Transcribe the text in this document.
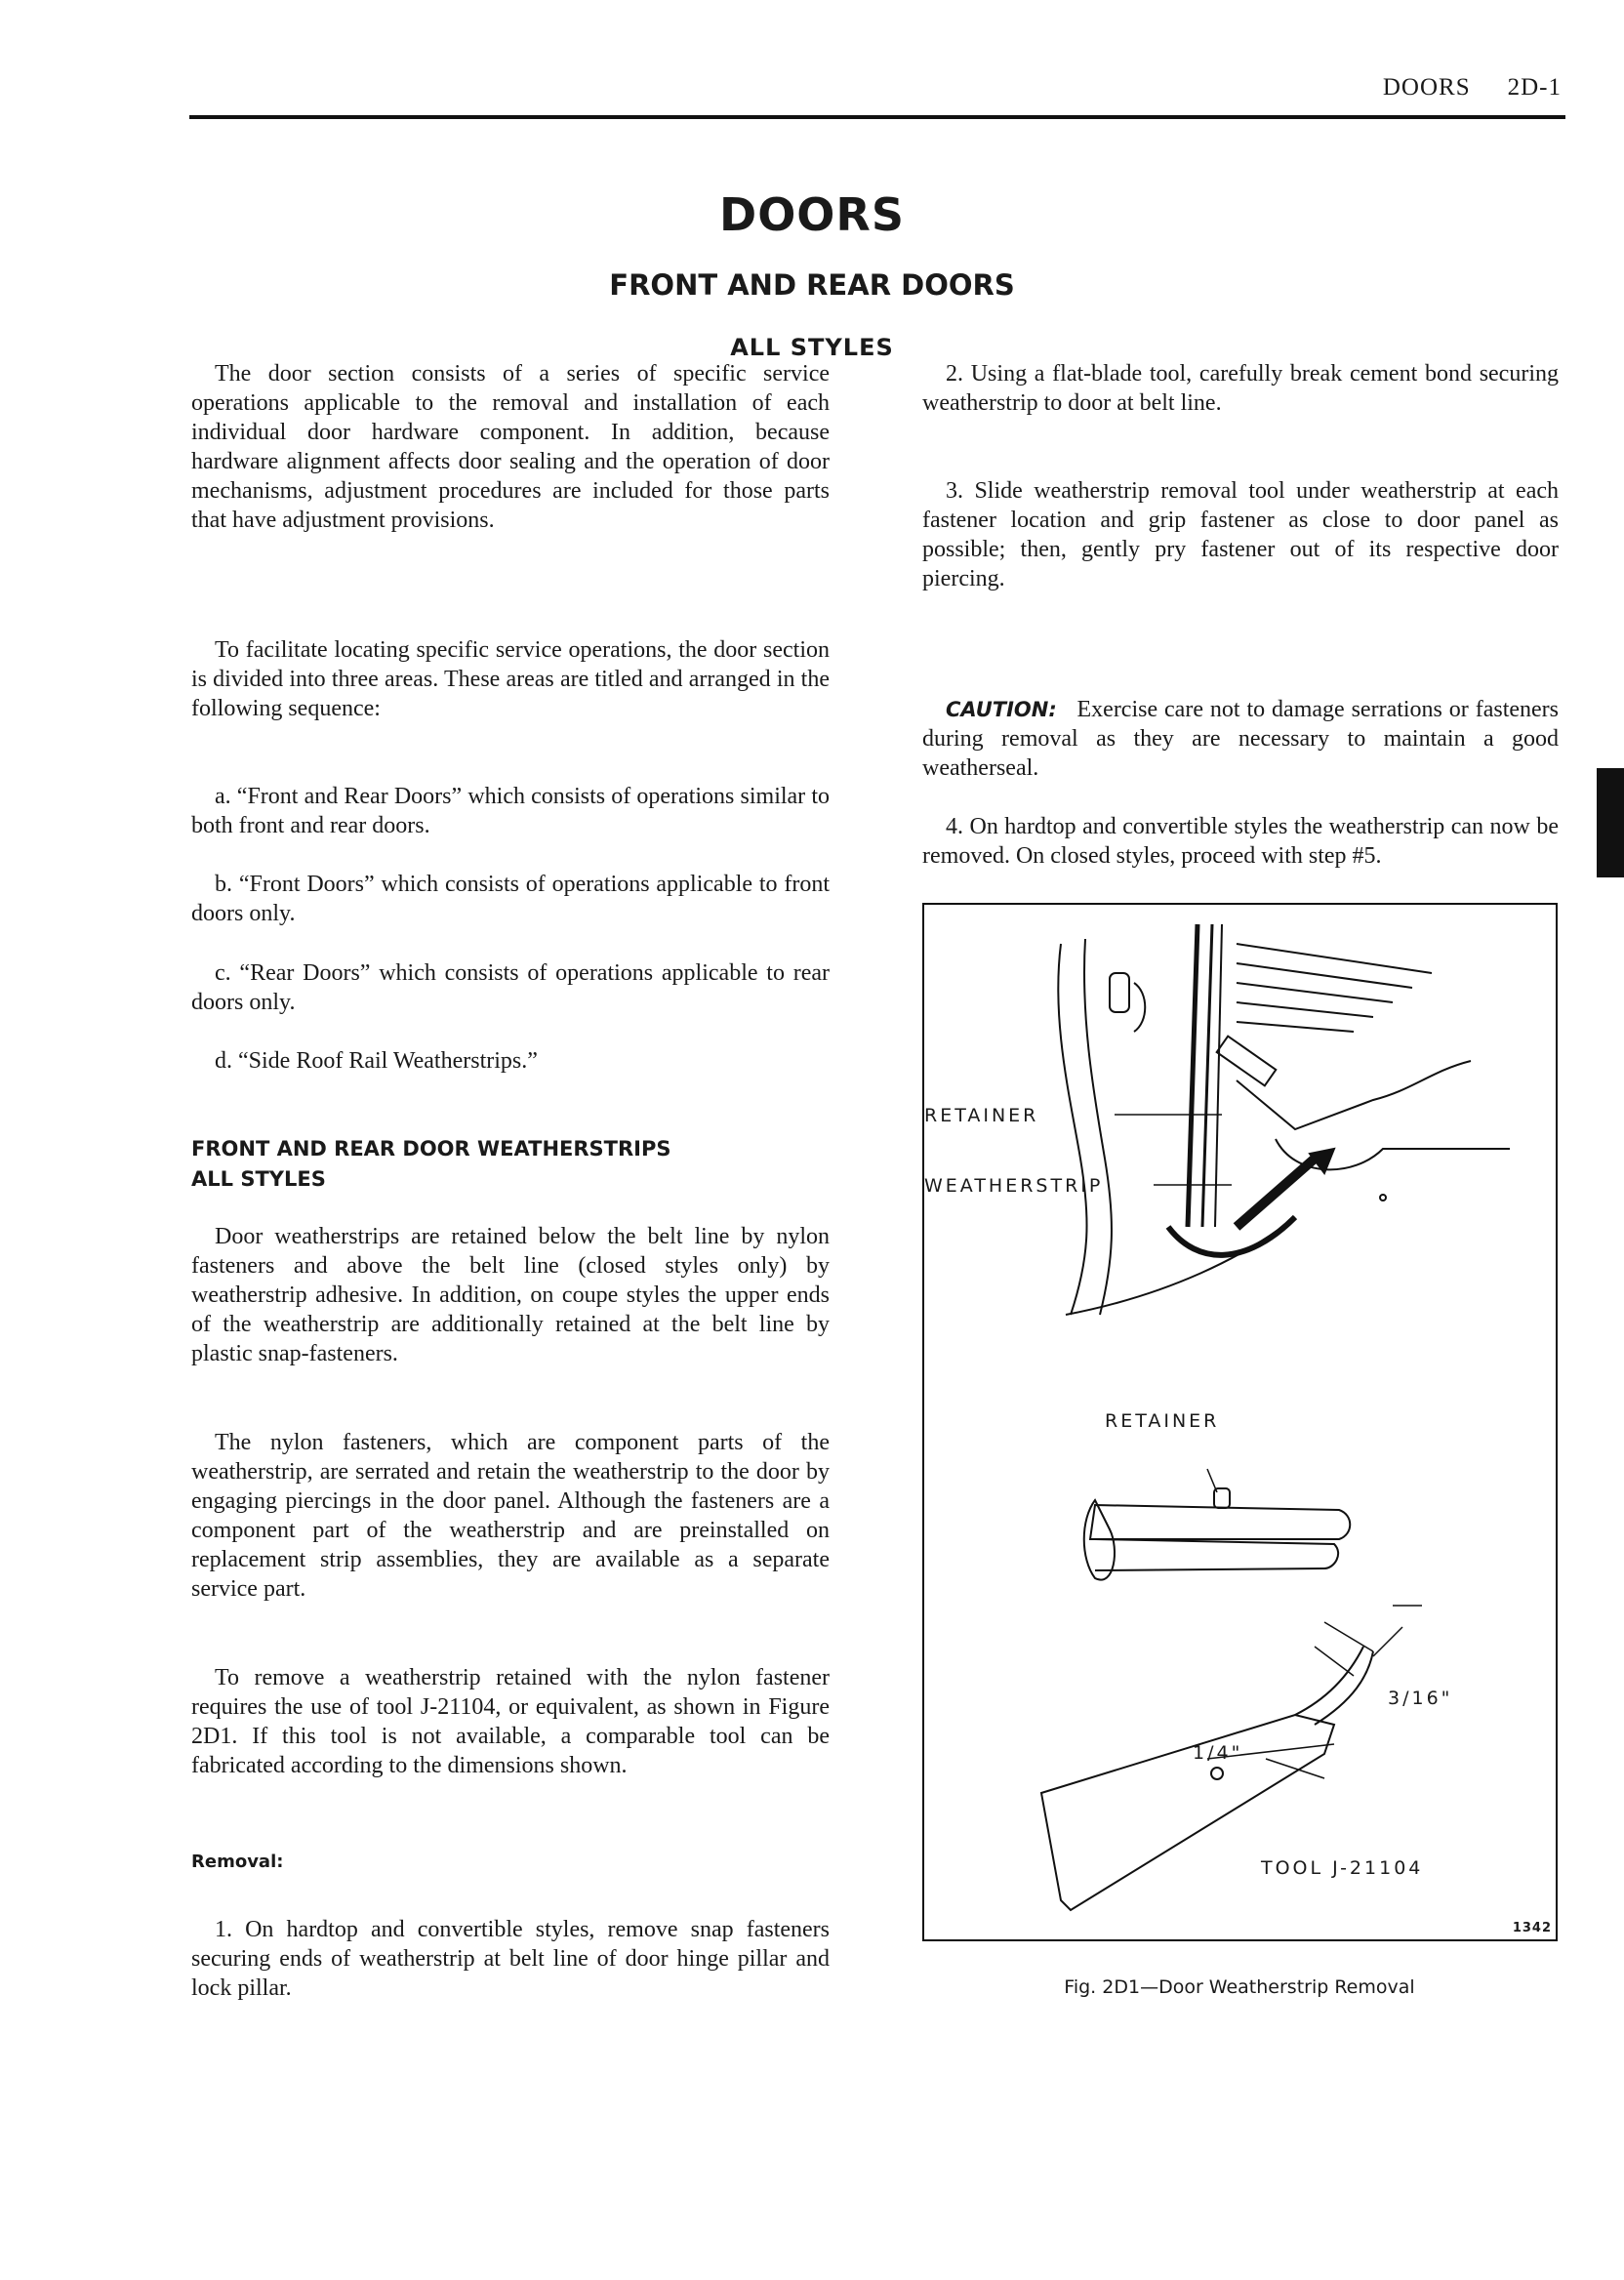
DOORS 2D-1
DOORS
FRONT AND REAR DOORS
ALL STYLES

The door section consists of a series of specific service operations applicable to the removal and installation of each individual door hardware component. In addition, because hardware alignment affects door sealing and the operation of door mechanisms, adjustment procedures are included for those parts that have adjustment provisions.

To facilitate locating specific service operations, the door section is divided into three areas. These areas are titled and arranged in the following sequence:

a. “Front and Rear Doors” which consists of operations similar to both front and rear doors.

b. “Front Doors” which consists of operations applicable to front doors only.

c. “Rear Doors” which consists of operations applicable to rear doors only.

d. “Side Roof Rail Weatherstrips.”

FRONT AND REAR DOOR WEATHERSTRIPS
ALL STYLES

Door weatherstrips are retained below the belt line by nylon fasteners and above the belt line (closed styles only) by weatherstrip adhesive. In addition, on coupe styles the upper ends of the weatherstrip are additionally retained at the belt line by plastic snap-fasteners.

The nylon fasteners, which are component parts of the weatherstrip, are serrated and retain the weatherstrip to the door by engaging piercings in the door panel. Although the fasteners are a component part of the weatherstrip and are preinstalled on replacement strip assemblies, they are available as a separate service part.

To remove a weatherstrip retained with the nylon fastener requires the use of tool J-21104, or equivalent, as shown in Figure 2D1. If this tool is not available, a comparable tool can be fabricated according to the dimensions shown.

Removal:

1. On hardtop and convertible styles, remove snap fasteners securing ends of weatherstrip at belt line of door hinge pillar and lock pillar.

2. Using a flat-blade tool, carefully break cement bond securing weatherstrip to door at belt line.

3. Slide weatherstrip removal tool under weatherstrip at each fastener location and grip fastener as close to door panel as possible; then, gently pry fastener out of its respective door piercing.

CAUTION: Exercise care not to damage serrations or fasteners during removal as they are necessary to maintain a good weatherseal.

4. On hardtop and convertible styles the weatherstrip can now be removed. On closed styles, proceed with step #5.

RETAINER
WEATHERSTRIP
RETAINER
3/16"
1/4"
TOOL J-21104
1342
Fig. 2D1—Door Weatherstrip Removal
